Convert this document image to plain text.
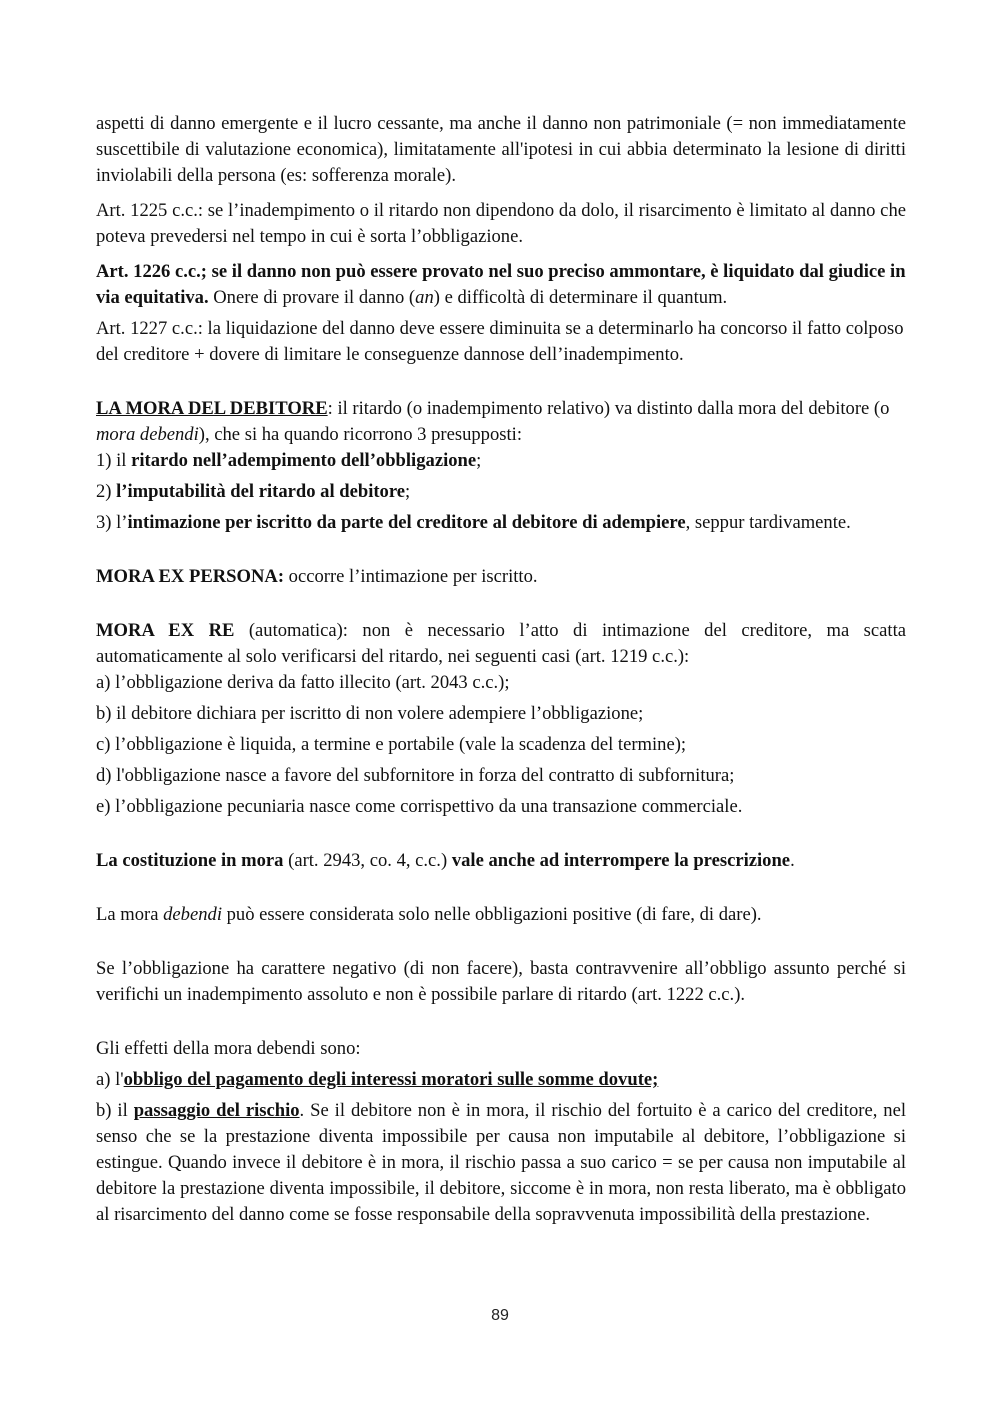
aspetti di danno emergente e il lucro cessante, ma anche il danno non patrimoniale (= non immediatamente suscettibile di valutazione economica), limitatamente all'ipotesi in cui abbia determinato la lesione di diritti inviolabili della persona (es: sofferenza morale).

Art. 1225 c.c.: se l’inadempimento o il ritardo non dipendono da dolo, il risarcimento è limitato al danno che poteva prevedersi nel tempo in cui è sorta l’obbligazione.

Art. 1226 c.c.; se il danno non può essere provato nel suo preciso ammontare, è liquidato dal giudice in via equitativa. Onere di provare il danno (an) e difficoltà di determinare il quantum.

Art. 1227 c.c.: la liquidazione del danno deve essere diminuita se a determinarlo ha concorso il fatto colposo del creditore + dovere di limitare le conseguenze dannose dell’inadempimento.

LA MORA DEL DEBITORE: il ritardo (o inadempimento relativo) va distinto dalla mora del debitore (o mora debendi), che si ha quando ricorrono 3 presupposti:

1) il ritardo nell’adempimento dell’obbligazione;

2) l’imputabilità del ritardo al debitore;

3) l’intimazione per iscritto da parte del creditore al debitore di adempiere, seppur tardivamente.

MORA EX PERSONA: occorre l’intimazione per iscritto.

MORA EX RE (automatica): non è necessario l’atto di intimazione del creditore, ma scatta automaticamente al solo verificarsi del ritardo, nei seguenti casi (art. 1219 c.c.):

a) l’obbligazione deriva da fatto illecito (art. 2043 c.c.);

b) il debitore dichiara per iscritto di non volere adempiere l’obbligazione;

c) l’obbligazione è liquida, a termine e portabile (vale la scadenza del termine);

d) l'obbligazione nasce a favore del subfornitore in forza del contratto di subfornitura;

e) l’obbligazione pecuniaria nasce come corrispettivo da una transazione commerciale.

La costituzione in mora (art. 2943, co. 4, c.c.) vale anche ad interrompere la prescrizione.

La mora debendi può essere considerata solo nelle obbligazioni positive (di fare, di dare).

Se l’obbligazione ha carattere negativo (di non facere), basta contravvenire all’obbligo assunto perché si verifichi un inadempimento assoluto e non è possibile parlare di ritardo (art. 1222 c.c.).

Gli effetti della mora debendi sono:

a) l'obbligo del pagamento degli interessi moratori sulle somme dovute;

b) il passaggio del rischio. Se il debitore non è in mora, il rischio del fortuito è a carico del creditore, nel senso che se la prestazione diventa impossibile per causa non imputabile al debitore, l’obbligazione si estingue. Quando invece il debitore è in mora, il rischio passa a suo carico = se per causa non imputabile al debitore la prestazione diventa impossibile, il debitore, siccome è in mora, non resta liberato, ma è obbligato al risarcimento del danno come se fosse responsabile della sopravvenuta impossibilità della prestazione.

89
